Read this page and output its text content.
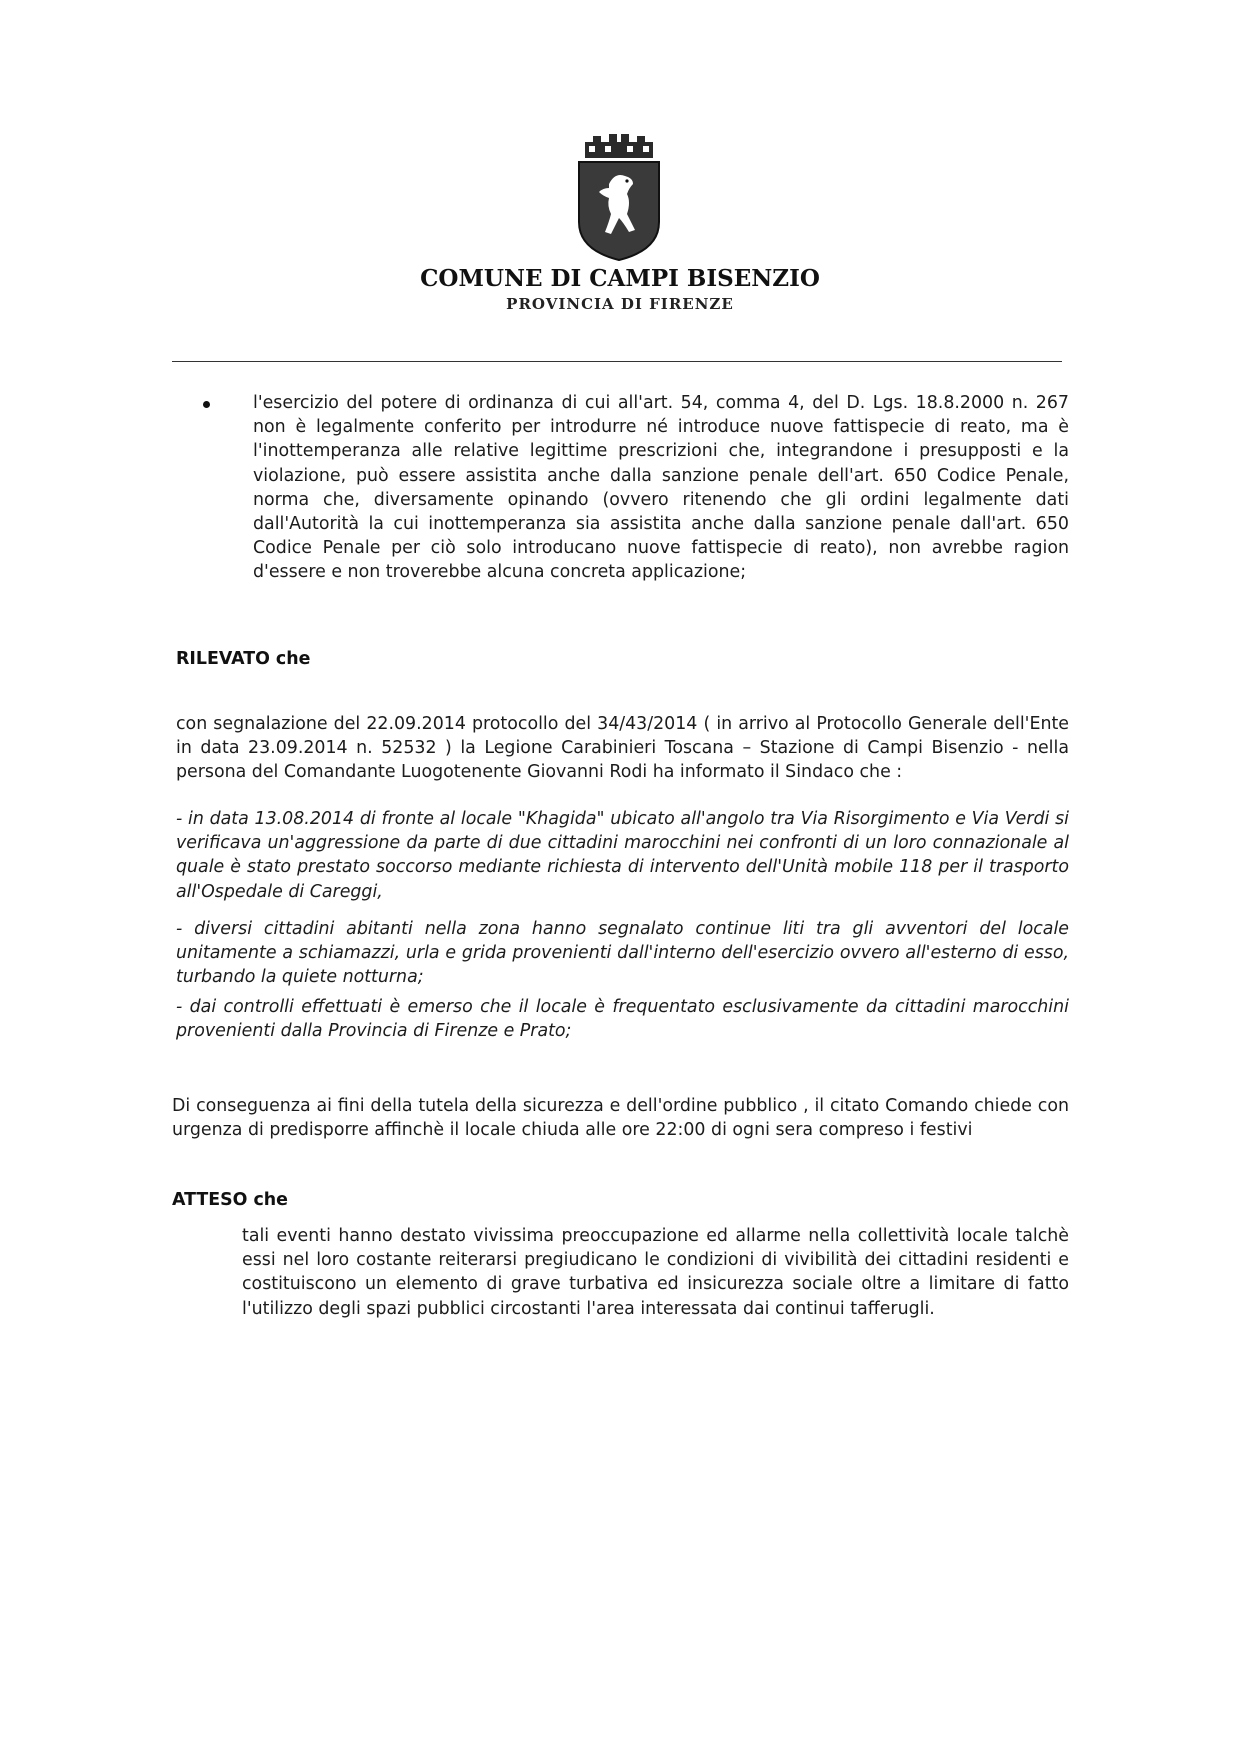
COMUNE DI CAMPI BISENZIO
PROVINCIA DI FIRENZE
l'esercizio del potere di ordinanza di cui all'art. 54, comma 4, del D. Lgs. 18.8.2000 n. 267 non è legalmente conferito per introdurre né introduce nuove fattispecie di reato, ma è l'inottemperanza alle relative legittime prescrizioni che, integrandone i presupposti e la violazione, può essere assistita anche dalla sanzione penale dell'art. 650 Codice Penale, norma che, diversamente opinando (ovvero ritenendo che gli ordini legalmente dati dall'Autorità la cui inottemperanza sia assistita anche dalla sanzione penale dall'art. 650 Codice Penale per ciò solo introducano nuove fattispecie di reato), non avrebbe ragion d'essere e non troverebbe alcuna concreta applicazione;
RILEVATO che
con segnalazione del 22.09.2014 protocollo del 34/43/2014 ( in arrivo al Protocollo Generale dell'Ente in data 23.09.2014 n. 52532 ) la Legione Carabinieri Toscana – Stazione di Campi Bisenzio - nella persona del Comandante Luogotenente Giovanni Rodi ha informato il Sindaco che :
- in data 13.08.2014 di fronte al locale "Khagida" ubicato all'angolo tra Via Risorgimento e Via Verdi si verificava un'aggressione da parte di due cittadini marocchini nei confronti di un loro connazionale al quale è stato prestato soccorso mediante richiesta di intervento dell'Unità mobile 118 per il trasporto all'Ospedale di Careggi,
- diversi cittadini abitanti nella zona hanno segnalato continue liti tra gli avventori del locale unitamente a schiamazzi, urla e grida provenienti dall'interno dell'esercizio ovvero all'esterno di esso, turbando la quiete notturna;
- dai controlli effettuati è emerso che il locale è frequentato esclusivamente da cittadini marocchini provenienti dalla Provincia di Firenze e Prato;
Di conseguenza ai fini della tutela della sicurezza e dell'ordine pubblico , il citato Comando chiede con urgenza di predisporre affinchè il locale chiuda alle ore 22:00 di ogni sera compreso i festivi
ATTESO che
tali eventi hanno destato vivissima preoccupazione ed allarme nella collettività locale talchè essi nel loro costante reiterarsi pregiudicano le condizioni di vivibilità dei cittadini residenti e costituiscono un elemento di grave turbativa ed insicurezza sociale oltre a limitare di fatto l'utilizzo degli spazi pubblici circostanti l'area interessata dai continui tafferugli.
